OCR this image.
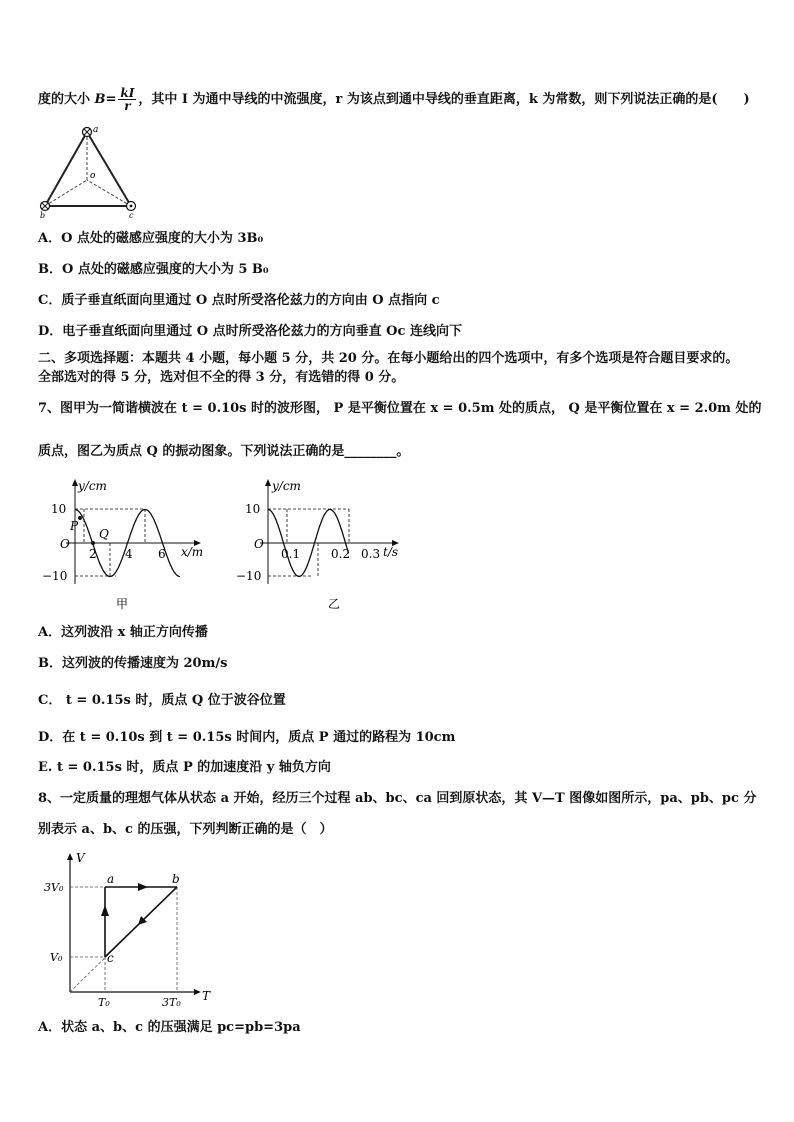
度的大小 $B= \frac{kI}{r}$ ，其中 I 为通中导线的中流强度，r 为该点到通中导线的垂直距离，k 为常数，则下列说法正确的是(　　)
a
o
b	c
A．O 点处的磁感应强度的大小为 3B₀
B．O 点处的磁感应强度的大小为 5 B₀
C．质子垂直纸面向里通过 O 点时所受洛伦兹力的方向由 O 点指向 c
D．电子垂直纸面向里通过 O 点时所受洛伦兹力的方向垂直 Oc 连线向下
二、多项选择题：本题共 4 小题，每小题 5 分，共 20 分。在每小题给出的四个选项中，有多个选项是符合题目要求的。
全部选对的得 5 分，选对但不全的得 3 分，有选错的得 0 分。
7、图甲为一简谐横波在 t = 0.10s 时的波形图， P 是平衡位置在 x = 0.5m 处的质点， Q 是平衡位置在 x = 2.0m 处的
质点，图乙为质点 Q 的振动图象。下列说法正确的是________。
y/cm
x/m
O
10
−10
2 4 6
P
Q
甲
y/cm
t/s
O
10
−10
0.1	0.2 0.3
乙
A．这列波沿 x 轴正方向传播
B．这列波的传播速度为 20m/s
C． t = 0.15s 时，质点 Q 位于波谷位置
D．在 t = 0.10s 到 t = 0.15s 时间内，质点 P 通过的路程为 10cm
E. t = 0.15s 时，质点 P 的加速度沿 y 轴负方向
8、一定质量的理想气体从状态 a 开始，经历三个过程 ab、bc、ca 回到原状态，其 V—T 图像如图所示，pa、pb、pc 分
别表示 a、b、c 的压强，下列判断正确的是（　）
V
T
a	b
c
3V₀
V₀
T₀	3T₀
A．状态 a、b、c 的压强满足 pc=pb=3pa
